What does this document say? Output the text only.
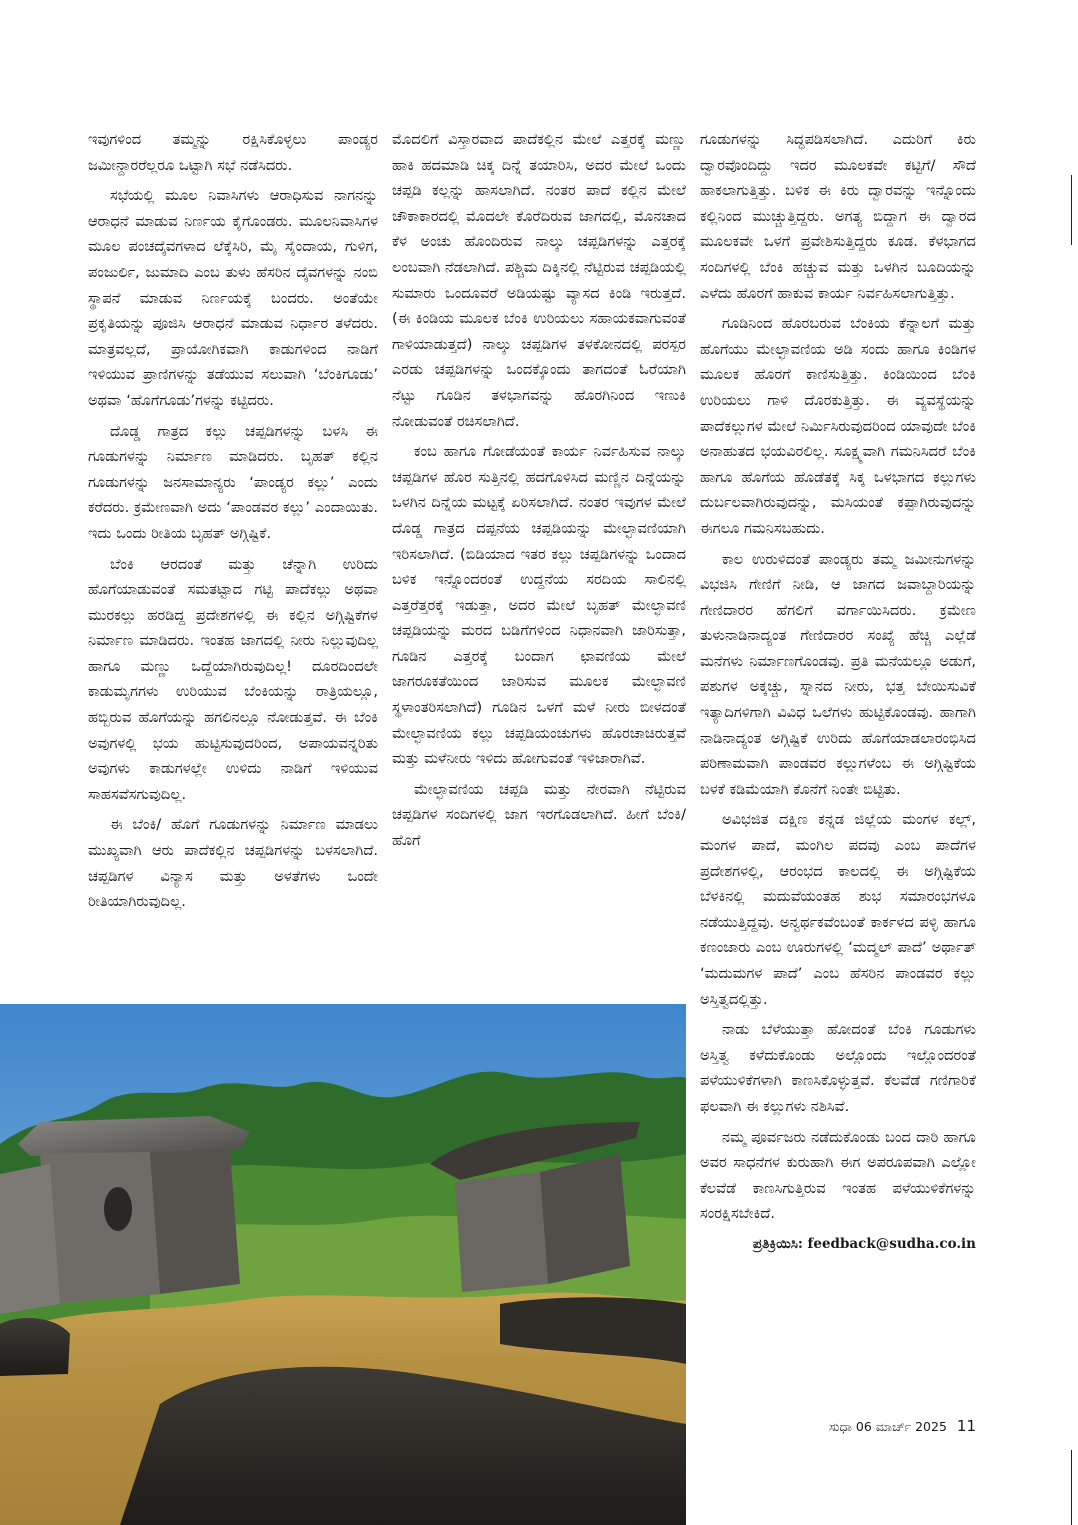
ಇವುಗಳಿಂದ ತಮ್ಮನ್ನು ರಕ್ಷಿಸಿಕೊಳ್ಳಲು ಪಾಂಡ್ಯರ ಜಮೀನ್ದಾರರೆಲ್ಲರೂ ಒಟ್ಟಾಗಿ ಸಭೆ ನಡೆಸಿದರು.

ಸಭೆಯಲ್ಲಿ ಮೂಲ ನಿವಾಸಿಗಳು ಆರಾಧಿಸುವ ನಾಗನನ್ನು ಆರಾಧನೆ ಮಾಡುವ ನಿರ್ಣಯ ಕೈಗೊಂಡರು. ಮೂಲನಿವಾಸಿಗಳ ಮೂಲ ಪಂಚದೈವಗಳಾದ ಲೆಕ್ಕೆಸಿರಿ, ಮೈ ಸೈಂದಾಯ, ಗುಳಿಗ, ಪಂಜುರ್ಲಿ, ಜುಮಾದಿ ಎಂಬ ತುಳು ಹೆಸರಿನ ದೈವಗಳನ್ನು ನಂಬಿ ಸ್ಥಾಪನೆ ಮಾಡುವ ನಿರ್ಣಯಕ್ಕೆ ಬಂದರು. ಅಂತೆಯೇ ಪ್ರಕೃತಿಯನ್ನು ಪೂಜಿಸಿ ಆರಾಧನೆ ಮಾಡುವ ನಿರ್ಧಾರ ತಳೆದರು. ಮಾತ್ರವಲ್ಲದೆ, ಪ್ರಾಯೋಗಿಕವಾಗಿ ಕಾಡುಗಳಿಂದ ನಾಡಿಗೆ ಇಳಿಯುವ ಪ್ರಾಣಿಗಳನ್ನು ತಡೆಯುವ ಸಲುವಾಗಿ ‘ಬೆಂಕಿಗೂಡು’ ಅಥವಾ ‘ಹೊಗೆಗೂಡು’ಗಳನ್ನು ಕಟ್ಟಿದರು.

ದೊಡ್ಡ ಗಾತ್ರದ ಕಲ್ಲು ಚಪ್ಪಡಿಗಳನ್ನು ಬಳಸಿ ಈ ಗೂಡುಗಳನ್ನು ನಿರ್ಮಾಣ ಮಾಡಿದರು. ಬೃಹತ್ ಕಲ್ಲಿನ ಗೂಡುಗಳನ್ನು ಜನಸಾಮಾನ್ಯರು ‘ಪಾಂಡ್ಯರ ಕಲ್ಲು’ ಎಂದು ಕರೆದರು. ಕ್ರಮೇಣವಾಗಿ ಅದು ‘ಪಾಂಡವರ ಕಲ್ಲು’ ಎಂದಾಯಿತು. ಇದು ಒಂದು ರೀತಿಯ ಬೃಹತ್ ಅಗ್ಗಿಷ್ಟಿಕೆ.

ಬೆಂಕಿ ಆರದಂತೆ ಮತ್ತು ಚೆನ್ನಾಗಿ ಉರಿದು ಹೊಗೆಯಾಡುವಂತೆ ಸಮತಟ್ಟಾದ ಗಟ್ಟಿ ಪಾದೆಕಲ್ಲು ಅಥವಾ ಮುರಕಲ್ಲು ಹರಡಿದ್ದ ಪ್ರದೇಶಗಳಲ್ಲಿ ಈ ಕಲ್ಲಿನ ಅಗ್ಗಿಷ್ಟಿಕೆಗಳ ನಿರ್ಮಾಣ ಮಾಡಿದರು. ಇಂತಹ ಜಾಗದಲ್ಲಿ ನೀರು ನಿಲ್ಲುವುದಿಲ್ಲ ಹಾಗೂ ಮಣ್ಣು ಒದ್ದೆಯಾಗಿರುವುದಿಲ್ಲ! ದೂರದಿಂದಲೇ ಕಾಡುಮೃಗಗಳು ಉರಿಯುವ ಬೆಂಕಿಯನ್ನು ರಾತ್ರಿಯಲ್ಲೂ, ಹಬ್ಬಿರುವ ಹೊಗೆಯನ್ನು ಹಗಲಿನಲ್ಲೂ ನೋಡುತ್ತವೆ. ಈ ಬೆಂಕಿ ಅವುಗಳಲ್ಲಿ ಭಯ ಹುಟ್ಟಿಸುವುದರಿಂದ, ಅಪಾಯವನ್ನರಿತು ಅವುಗಳು ಕಾಡುಗಳಲ್ಲೇ ಉಳಿದು ನಾಡಿಗೆ ಇಳಿಯುವ ಸಾಹಸವೆಸಗುವುದಿಲ್ಲ.

ಈ ಬೆಂಕಿ/ ಹೊಗೆ ಗೂಡುಗಳನ್ನು ನಿರ್ಮಾಣ ಮಾಡಲು ಮುಖ್ಯವಾಗಿ ಆರು ಪಾದೆಕಲ್ಲಿನ ಚಪ್ಪಡಿಗಳನ್ನು ಬಳಸಲಾಗಿದೆ. ಚಪ್ಪಡಿಗಳ ವಿನ್ಯಾಸ ಮತ್ತು ಅಳತೆಗಳು ಒಂದೇ ರೀತಿಯಾಗಿರುವುದಿಲ್ಲ.

ಮೊದಲಿಗೆ ವಿಸ್ತಾರವಾದ ಪಾದೆಕಲ್ಲಿನ ಮೇಲೆ ಎತ್ತರಕ್ಕೆ ಮಣ್ಣು ಹಾಕಿ ಹದಮಾಡಿ ಚಿಕ್ಕ ದಿನ್ನೆ ತಯಾರಿಸಿ, ಅದರ ಮೇಲೆ ಒಂದು ಚಪ್ಪಡಿ ಕಲ್ಲನ್ನು ಹಾಸಲಾಗಿದೆ. ನಂತರ ಪಾದೆ ಕಲ್ಲಿನ ಮೇಲೆ ಚೌಕಾಕಾರದಲ್ಲಿ ಮೊದಲೇ ಕೊರೆದಿರುವ ಜಾಗದಲ್ಲಿ, ಮೊನಚಾದ ಕೆಳ ಅಂಚು ಹೊಂದಿರುವ ನಾಲ್ಕು ಚಪ್ಪಡಿಗಳನ್ನು ಎತ್ತರಕ್ಕೆ ಲಂಬವಾಗಿ ನೆಡಲಾಗಿದೆ. ಪಶ್ಚಿಮ ದಿಕ್ಕಿನಲ್ಲಿ ನೆಟ್ಟಿರುವ ಚಪ್ಪಡಿಯಲ್ಲಿ ಸುಮಾರು ಒಂದೂವರೆ ಅಡಿಯಷ್ಟು ವ್ಯಾಸದ ಕಿಂಡಿ ಇರುತ್ತದೆ. (ಈ ಕಿಂಡಿಯ ಮೂಲಕ ಬೆಂಕಿ ಉರಿಯಲು ಸಹಾಯಕವಾಗುವಂತೆ ಗಾಳಿಯಾಡುತ್ತದೆ) ನಾಲ್ಕು ಚಪ್ಪಡಿಗಳ ತಳಕೋನದಲ್ಲಿ ಪರಸ್ಪರ ಎರಡು ಚಪ್ಪಡಿಗಳನ್ನು ಒಂದಕ್ಕೊಂದು ತಾಗದಂತೆ ಓರೆಯಾಗಿ ನೆಟ್ಟು ಗೂಡಿನ ತಳಭಾಗವನ್ನು ಹೊರಗಿನಿಂದ ಇಣುಕಿ ನೋಡುವಂತೆ ರಚಿಸಲಾಗಿದೆ.

ಕಂಬ ಹಾಗೂ ಗೋಡೆಯಂತೆ ಕಾರ್ಯ ನಿರ್ವಹಿಸುವ ನಾಲ್ಕು ಚಪ್ಪಡಿಗಳ ಹೊರ ಸುತ್ತಿನಲ್ಲಿ ಹದಗೊಳಿಸಿದ ಮಣ್ಣಿನ ದಿನ್ನೆಯನ್ನು ಒಳಗಿನ ದಿನ್ನೆಯ ಮಟ್ಟಕ್ಕೆ ಏರಿಸಲಾಗಿದೆ. ನಂತರ ಇವುಗಳ ಮೇಲೆ ದೊಡ್ಡ ಗಾತ್ರದ ದಪ್ಪನೆಯ ಚಪ್ಪಡಿಯನ್ನು ಮೇಲ್ಛಾವಣಿಯಾಗಿ ಇರಿಸಲಾಗಿದೆ. (ಬಿಡಿಯಾದ ಇತರ ಕಲ್ಲು ಚಪ್ಪಡಿಗಳನ್ನು ಒಂದಾದ ಬಳಿಕ ಇನ್ನೊಂದರಂತೆ ಉದ್ದನೆಯ ಸರದಿಯ ಸಾಲಿನಲ್ಲಿ ಎತ್ತರೆತ್ತರಕ್ಕೆ ಇಡುತ್ತಾ, ಅದರ ಮೇಲೆ ಬೃಹತ್ ಮೇಲ್ಛಾವಣಿ ಚಪ್ಪಡಿಯನ್ನು ಮರದ ಬಡಿಗೆಗಳಿಂದ ನಿಧಾನವಾಗಿ ಜಾರಿಸುತ್ತಾ, ಗೂಡಿನ ಎತ್ತರಕ್ಕೆ ಬಂದಾಗ ಛಾವಣಿಯ ಮೇಲೆ ಜಾಗರೂಕತೆಯಿಂದ ಜಾರಿಸುವ ಮೂಲಕ ಮೇಲ್ಛಾವಣಿ ಸ್ಥಳಾಂತರಿಸಲಾಗಿದೆ) ಗೂಡಿನ ಒಳಗೆ ಮಳೆ ನೀರು ಬೀಳದಂತೆ ಮೇಲ್ಛಾವಣಿಯ ಕಲ್ಲು ಚಪ್ಪಡಿಯಂಚುಗಳು ಹೊರಚಾಚಿರುತ್ತವೆ ಮತ್ತು ಮಳೆನೀರು ಇಳಿದು ಹೋಗುವಂತೆ ಇಳಿಜಾರಾಗಿವೆ.

ಮೇಲ್ಛಾವಣಿಯ ಚಪ್ಪಡಿ ಮತ್ತು ನೇರವಾಗಿ ನೆಟ್ಟಿರುವ ಚಪ್ಪಡಿಗಳ ಸಂದಿಗಳಲ್ಲಿ ಜಾಗ ಇರಗೊಡಲಾಗಿದೆ. ಹೀಗೆ ಬೆಂಕಿ/ಹೊಗೆ

ಗೂಡುಗಳನ್ನು ಸಿದ್ಧಪಡಿಸಲಾಗಿದೆ. ಎದುರಿಗೆ ಕಿರು ದ್ವಾರವೊಂದಿದ್ದು ಇದರ ಮೂಲಕವೇ ಕಟ್ಟಿಗೆ/ ಸೌದೆ ಹಾಕಲಾಗುತ್ತಿತ್ತು. ಬಳಿಕ ಈ ಕಿರು ದ್ವಾರವನ್ನು ಇನ್ನೊಂದು ಕಲ್ಲಿನಿಂದ ಮುಚ್ಚುತ್ತಿದ್ದರು. ಅಗತ್ಯ ಬಿದ್ದಾಗ ಈ ದ್ವಾರದ ಮೂಲಕವೇ ಒಳಗೆ ಪ್ರವೇಶಿಸುತ್ತಿದ್ದರು ಕೂಡ. ಕೆಳಭಾಗದ ಸಂದಿಗಳಲ್ಲಿ ಬೆಂಕಿ ಹಚ್ಚುವ ಮತ್ತು ಒಳಗಿನ ಬೂದಿಯನ್ನು ಎಳೆದು ಹೊರಗೆ ಹಾಕುವ ಕಾರ್ಯ ನಿರ್ವಹಿಸಲಾಗುತ್ತಿತ್ತು.

ಗೂಡಿನಿಂದ ಹೊರಬರುವ ಬೆಂಕಿಯ ಕೆನ್ನಾಲಗೆ ಮತ್ತು ಹೊಗೆಯು ಮೇಲ್ಛಾವಣಿಯ ಅಡಿ ಸಂದು ಹಾಗೂ ಕಿಂಡಿಗಳ ಮೂಲಕ ಹೊರಗೆ ಕಾಣಿಸುತ್ತಿತ್ತು. ಕಿಂಡಿಯಿಂದ ಬೆಂಕಿ ಉರಿಯಲು ಗಾಳಿ ದೊರಕುತ್ತಿತ್ತು. ಈ ವ್ಯವಸ್ಥೆಯನ್ನು ಪಾದೆಕಲ್ಲುಗಳ ಮೇಲೆ ನಿರ್ಮಿಸಿರುವುದರಿಂದ ಯಾವುದೇ ಬೆಂಕಿ ಅನಾಹುತದ ಭಯವಿರಲಿಲ್ಲ. ಸೂಕ್ಷ್ಮವಾಗಿ ಗಮನಿಸಿದರೆ ಬೆಂಕಿ ಹಾಗೂ ಹೊಗೆಯ ಹೊಡೆತಕ್ಕೆ ಸಿಕ್ಕ ಒಳಭಾಗದ ಕಲ್ಲುಗಳು ದುರ್ಬಲವಾಗಿರುವುದನ್ನು, ಮಸಿಯಂತೆ ಕಪ್ಪಾಗಿರುವುದನ್ನು ಈಗಲೂ ಗಮನಿಸಬಹುದು.

ಕಾಲ ಉರುಳಿದಂತೆ ಪಾಂಡ್ಯರು ತಮ್ಮ ಜಮೀನುಗಳನ್ನು ವಿಭಜಿಸಿ ಗೇಣಿಗೆ ನೀಡಿ, ಆ ಜಾಗದ ಜವಾಬ್ದಾರಿಯನ್ನು ಗೇಣಿದಾರರ ಹೆಗಲಿಗೆ ವರ್ಗಾಯಿಸಿದರು. ಕ್ರಮೇಣ ತುಳುನಾಡಿನಾದ್ಯಂತ ಗೇಣಿದಾರರ ಸಂಖ್ಯೆ ಹೆಚ್ಚಿ ಎಲ್ಲೆಡೆ ಮನೆಗಳು ನಿರ್ಮಾಣಗೊಂಡವು. ಪ್ರತಿ ಮನೆಯಲ್ಲೂ ಅಡುಗೆ, ಪಶುಗಳ ಅಕ್ಕಚ್ಚು, ಸ್ನಾನದ ನೀರು, ಭತ್ತ ಬೇಯಿಸುವಿಕೆ ಇತ್ಯಾದಿಗಳಿಗಾಗಿ ವಿವಿಧ ಒಲೆಗಳು ಹುಟ್ಟಿಕೊಂಡವು. ಹಾಗಾಗಿ ನಾಡಿನಾದ್ಯಂತ ಅಗ್ಗಿಷ್ಟಿಕೆ ಉರಿದು ಹೊಗೆಯಾಡಲಾರಂಭಿಸಿದ ಪರಿಣಾಮವಾಗಿ ಪಾಂಡವರ ಕಲ್ಲುಗಳೆಂಬ ಈ ಅಗ್ಗಿಷ್ಟಿಕೆಯ ಬಳಕೆ ಕಡಿಮೆಯಾಗಿ ಕೊನೆಗೆ ನಿಂತೇ ಬಿಟ್ಟಿತು.

ಅವಿಭಜಿತ ದಕ್ಷಿಣ ಕನ್ನಡ ಜಿಲ್ಲೆಯ ಮಂಗಳ ಕಲ್ಲ್, ಮಂಗಳ ಪಾದೆ, ಮಂಗಿಲ ಪದವು ಎಂಬ ಪಾದೆಗಳ ಪ್ರದೇಶಗಳಲ್ಲಿ, ಆರಂಭದ ಕಾಲದಲ್ಲಿ ಈ ಅಗ್ಗಿಷ್ಟಿಕೆಯ ಬೆಳಕಿನಲ್ಲಿ ಮದುವೆಯಂತಹ ಶುಭ ಸಮಾರಂಭಗಳೂ ನಡೆಯುತ್ತಿದ್ದವು. ಅನ್ವರ್ಥಕವೆಂಬಂತೆ ಕಾರ್ಕಳದ ಪಳ್ಳಿ ಹಾಗೂ ಕಣಂಜಾರು ಎಂಬ ಊರುಗಳಲ್ಲಿ ‘ಮದ್ಮಲ್ ಪಾದೆ’ ಅರ್ಥಾತ್ ‘ಮದುಮಗಳ ಪಾದೆ’ ಎಂಬ ಹೆಸರಿನ ಪಾಂಡವರ ಕಲ್ಲು ಅಸ್ತಿತ್ವದಲ್ಲಿತ್ತು.

ನಾಡು ಬೆಳೆಯುತ್ತಾ ಹೋದಂತೆ ಬೆಂಕಿ ಗೂಡುಗಳು ಅಸ್ತಿತ್ವ ಕಳೆದುಕೊಂಡು ಅಲ್ಲೊಂದು ಇಲ್ಲೊಂದರಂತೆ ಪಳೆಯುಳಿಕೆಗಳಾಗಿ ಕಾಣಸಿಕೊಳ್ಳುತ್ತವೆ. ಕೆಲವೆಡೆ ಗಣಿಗಾರಿಕೆ ಫಲವಾಗಿ ಈ ಕಲ್ಲುಗಳು ನಶಿಸಿವೆ.

ನಮ್ಮ ಪೂರ್ವಜರು ನಡೆದುಕೊಂಡು ಬಂದ ದಾರಿ ಹಾಗೂ ಅವರ ಸಾಧನೆಗಳ ಕುರುಹಾಗಿ ಈಗ ಅಪರೂಪವಾಗಿ ಎಲ್ಲೋ ಕೆಲವೆಡೆ ಕಾಣಸಿಗುತ್ತಿರುವ ಇಂತಹ ಪಳೆಯುಳಿಕೆಗಳನ್ನು ಸಂರಕ್ಷಿಸಬೇಕಿದೆ.

ಪ್ರತಿಕ್ರಿಯಿಸಿ: feedback@sudha.co.in
ಸುಧಾ 06 ಮಾರ್ಚ್ 2025 11
